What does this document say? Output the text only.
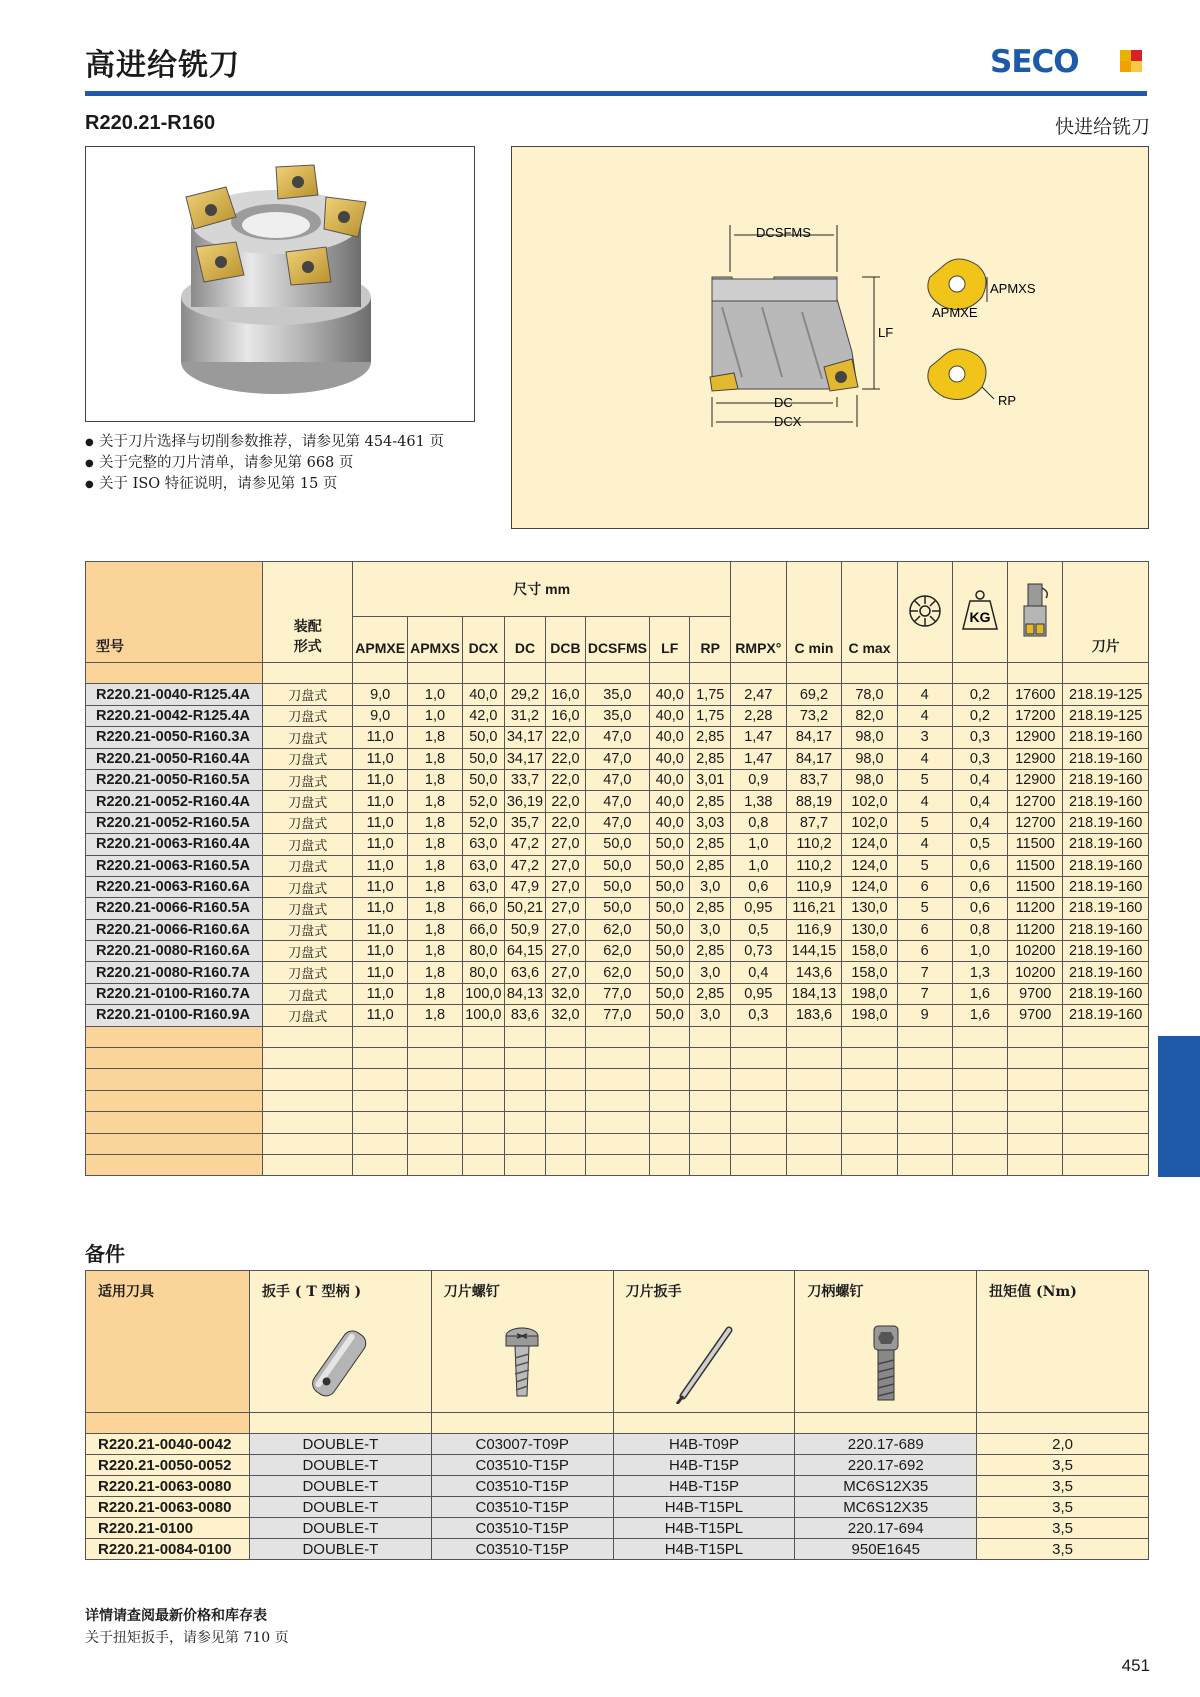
高进给铣刀	SECO
R220.21-R160	快进给铣刀
● 关于刀片选择与切削参数推荐，请参见第 454-461 页
● 关于完整的刀片清单，请参见第 668 页
● 关于 ISO 特征说明，请参见第 15 页
DCSFMS
LF
DC
DCX
APMXS
APMXE
RP
型号	装配
形式	尺寸 mm								RMPX°	C min	C max		KG		刀片
		APMXE	APMXS	DCX	DC	DCB	DCSFMS	LF	RP							

R220.21-0040-R125.4A	刀盘式	9,0	1,0	40,0	29,2	16,0	35,0	40,0	1,75	2,47	69,2	78,0	4	0,2	17600	218.19-125
R220.21-0042-R125.4A	刀盘式	9,0	1,0	42,0	31,2	16,0	35,0	40,0	1,75	2,28	73,2	82,0	4	0,2	17200	218.19-125
R220.21-0050-R160.3A	刀盘式	11,0	1,8	50,0	34,17	22,0	47,0	40,0	2,85	1,47	84,17	98,0	3	0,3	12900	218.19-160
R220.21-0050-R160.4A	刀盘式	11,0	1,8	50,0	34,17	22,0	47,0	40,0	2,85	1,47	84,17	98,0	4	0,3	12900	218.19-160
R220.21-0050-R160.5A	刀盘式	11,0	1,8	50,0	33,7	22,0	47,0	40,0	3,01	0,9	83,7	98,0	5	0,4	12900	218.19-160
R220.21-0052-R160.4A	刀盘式	11,0	1,8	52,0	36,19	22,0	47,0	40,0	2,85	1,38	88,19	102,0	4	0,4	12700	218.19-160
R220.21-0052-R160.5A	刀盘式	11,0	1,8	52,0	35,7	22,0	47,0	40,0	3,03	0,8	87,7	102,0	5	0,4	12700	218.19-160
R220.21-0063-R160.4A	刀盘式	11,0	1,8	63,0	47,2	27,0	50,0	50,0	2,85	1,0	110,2	124,0	4	0,5	11500	218.19-160
R220.21-0063-R160.5A	刀盘式	11,0	1,8	63,0	47,2	27,0	50,0	50,0	2,85	1,0	110,2	124,0	5	0,6	11500	218.19-160
R220.21-0063-R160.6A	刀盘式	11,0	1,8	63,0	47,9	27,0	50,0	50,0	3,0	0,6	110,9	124,0	6	0,6	11500	218.19-160
R220.21-0066-R160.5A	刀盘式	11,0	1,8	66,0	50,21	27,0	50,0	50,0	2,85	0,95	116,21	130,0	5	0,6	11200	218.19-160
R220.21-0066-R160.6A	刀盘式	11,0	1,8	66,0	50,9	27,0	62,0	50,0	3,0	0,5	116,9	130,0	6	0,8	11200	218.19-160
R220.21-0080-R160.6A	刀盘式	11,0	1,8	80,0	64,15	27,0	62,0	50,0	2,85	0,73	144,15	158,0	6	1,0	10200	218.19-160
R220.21-0080-R160.7A	刀盘式	11,0	1,8	80,0	63,6	27,0	62,0	50,0	3,0	0,4	143,6	158,0	7	1,3	10200	218.19-160
R220.21-0100-R160.7A	刀盘式	11,0	1,8	100,0	84,13	32,0	77,0	50,0	2,85	0,95	184,13	198,0	7	1,6	9700	218.19-160
R220.21-0100-R160.9A	刀盘式	11,0	1,8	100,0	83,6	32,0	77,0	50,0	3,0	0,3	183,6	198,0	9	1,6	9700	218.19-160

备件
适用刀具	扳手 ( T 型柄 )	刀片螺钉	刀片扳手	刀柄螺钉	扭矩值 (Nm)

R220.21-0040-0042	DOUBLE-T	C03007-T09P	H4B-T09P	220.17-689	2,0
R220.21-0050-0052	DOUBLE-T	C03510-T15P	H4B-T15P	220.17-692	3,5
R220.21-0063-0080	DOUBLE-T	C03510-T15P	H4B-T15P	MC6S12X35	3,5
R220.21-0063-0080	DOUBLE-T	C03510-T15P	H4B-T15PL	MC6S12X35	3,5
R220.21-0100	DOUBLE-T	C03510-T15P	H4B-T15PL	220.17-694	3,5
R220.21-0084-0100	DOUBLE-T	C03510-T15P	H4B-T15PL	950E1645	3,5
详情请查阅最新价格和库存表
关于扭矩扳手，请参见第 710 页
451
